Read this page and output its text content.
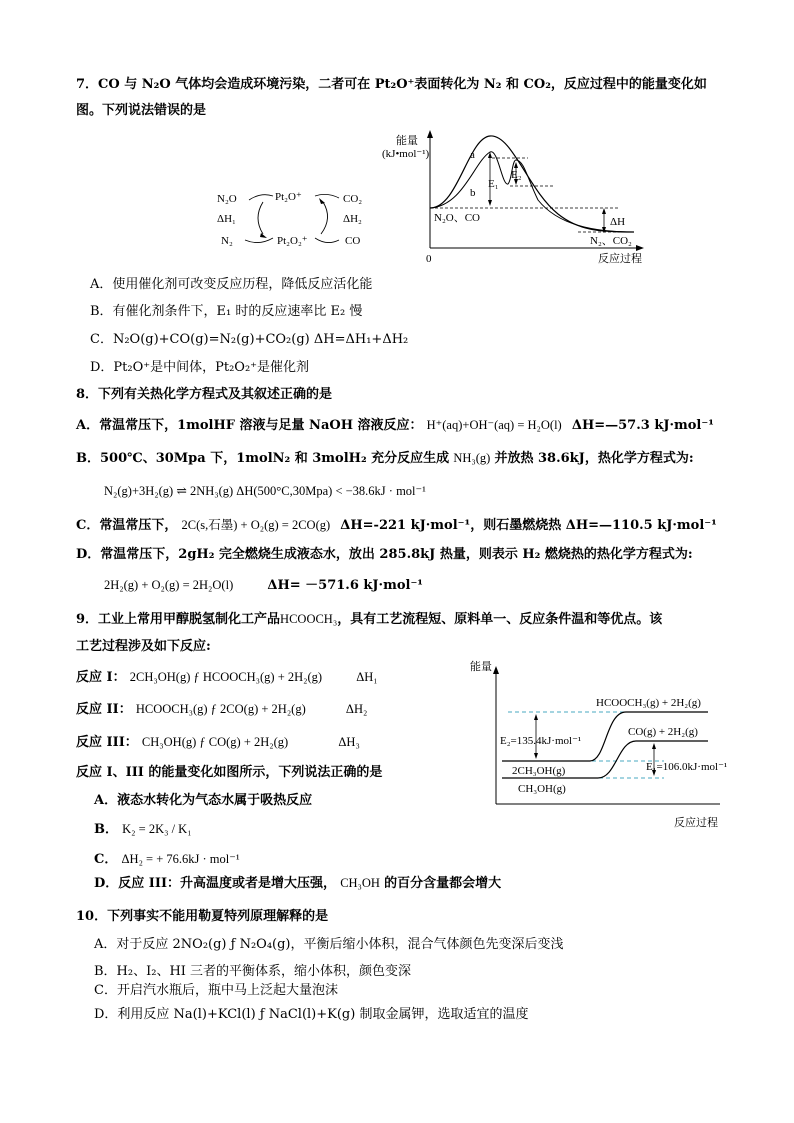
7．CO 与 N₂O 气体均会造成环境污染，二者可在 Pt₂O⁺表面转化为 N₂ 和 CO₂，反应过程中的能量变化如
图。下列说法错误的是
N₂O
ΔH₁
N₂
Pt₂O⁺
Pt₂O₂⁺
CO₂
ΔH₂
CO
能量
(kJ•mol⁻¹)	a
b
E₁
E₂
N₂O、CO	ΔH
N₂、CO₂
0	反应过程
A．使用催化剂可改变反应历程，降低反应活化能
B．有催化剂条件下，E₁ 时的反应速率比 E₂ 慢
C．N₂O(g)+CO(g)=N₂(g)+CO₂(g) ΔH=ΔH₁+ΔH₂
D．Pt₂O⁺是中间体，Pt₂O₂⁺是催化剂
8．下列有关热化学方程式及其叙述正确的是
A．常温常压下，1molHF 溶液与足量 NaOH 溶液反应： H⁺(aq)+OH⁻(aq) = H₂O(l) ΔH=—57.3 kJ·mol⁻¹
B．500℃、30Mpa 下，1molN₂ 和 3molH₂ 充分反应生成 NH₃(g) 并放热 38.6kJ，热化学方程式为:
N₂(g)+3H₂(g) ⇌ 2NH₃(g) ΔH(500°C,30Mpa) < −38.6kJ · mol⁻¹
C．常温常压下， 2C(s,石墨) + O₂(g) = 2CO(g) ΔH=-221 kJ·mol⁻¹，则石墨燃烧热 ΔH=—110.5 kJ·mol⁻¹
D．常温常压下，2gH₂ 完全燃烧生成液态水，放出 285.8kJ 热量，则表示 H₂ 燃烧热的热化学方程式为:
2H₂(g) + O₂(g) = 2H₂O(l)	ΔH= －571.6 kJ·mol⁻¹
9．工业上常用甲醇脱氢制化工产品HCOOCH₃，具有工艺流程短、原料单一、反应条件温和等优点。该
工艺过程涉及如下反应:
反应 I： 2CH₃OH(g) ƒ HCOOCH₃(g) + 2H₂(g)	ΔH₁
反应 II： HCOOCH₃(g) ƒ 2CO(g) + 2H₂(g)	ΔH₂
反应 III： CH₃OH(g) ƒ CO(g) + 2H₂(g)	ΔH₃
反应 I、III 的能量变化如图所示，下列说法正确的是
A．液态水转化为气态水属于吸热反应
B． K₂ = 2K₃ / K₁
C． ΔH₂ = + 76.6kJ · mol⁻¹
D．反应 III：升高温度或者是增大压强， CH₃OH 的百分含量都会增大
能量
HCOOCH₃(g) + 2H₂(g)
CO(g) + 2H₂(g)
E₂=135.4kJ·mol⁻¹
E₁=106.0kJ·mol⁻¹
2CH₃OH(g)
CH₃OH(g)
反应过程
10．下列事实不能用勒夏特列原理解释的是
A．对于反应 2NO₂(g) ƒ N₂O₄(g)，平衡后缩小体积，混合气体颜色先变深后变浅
B．H₂、I₂、HI 三者的平衡体系，缩小体积，颜色变深
C．开启汽水瓶后，瓶中马上泛起大量泡沫
D．利用反应 Na(l)+KCl(l) ƒ NaCl(l)+K(g) 制取金属钾，选取适宜的温度
